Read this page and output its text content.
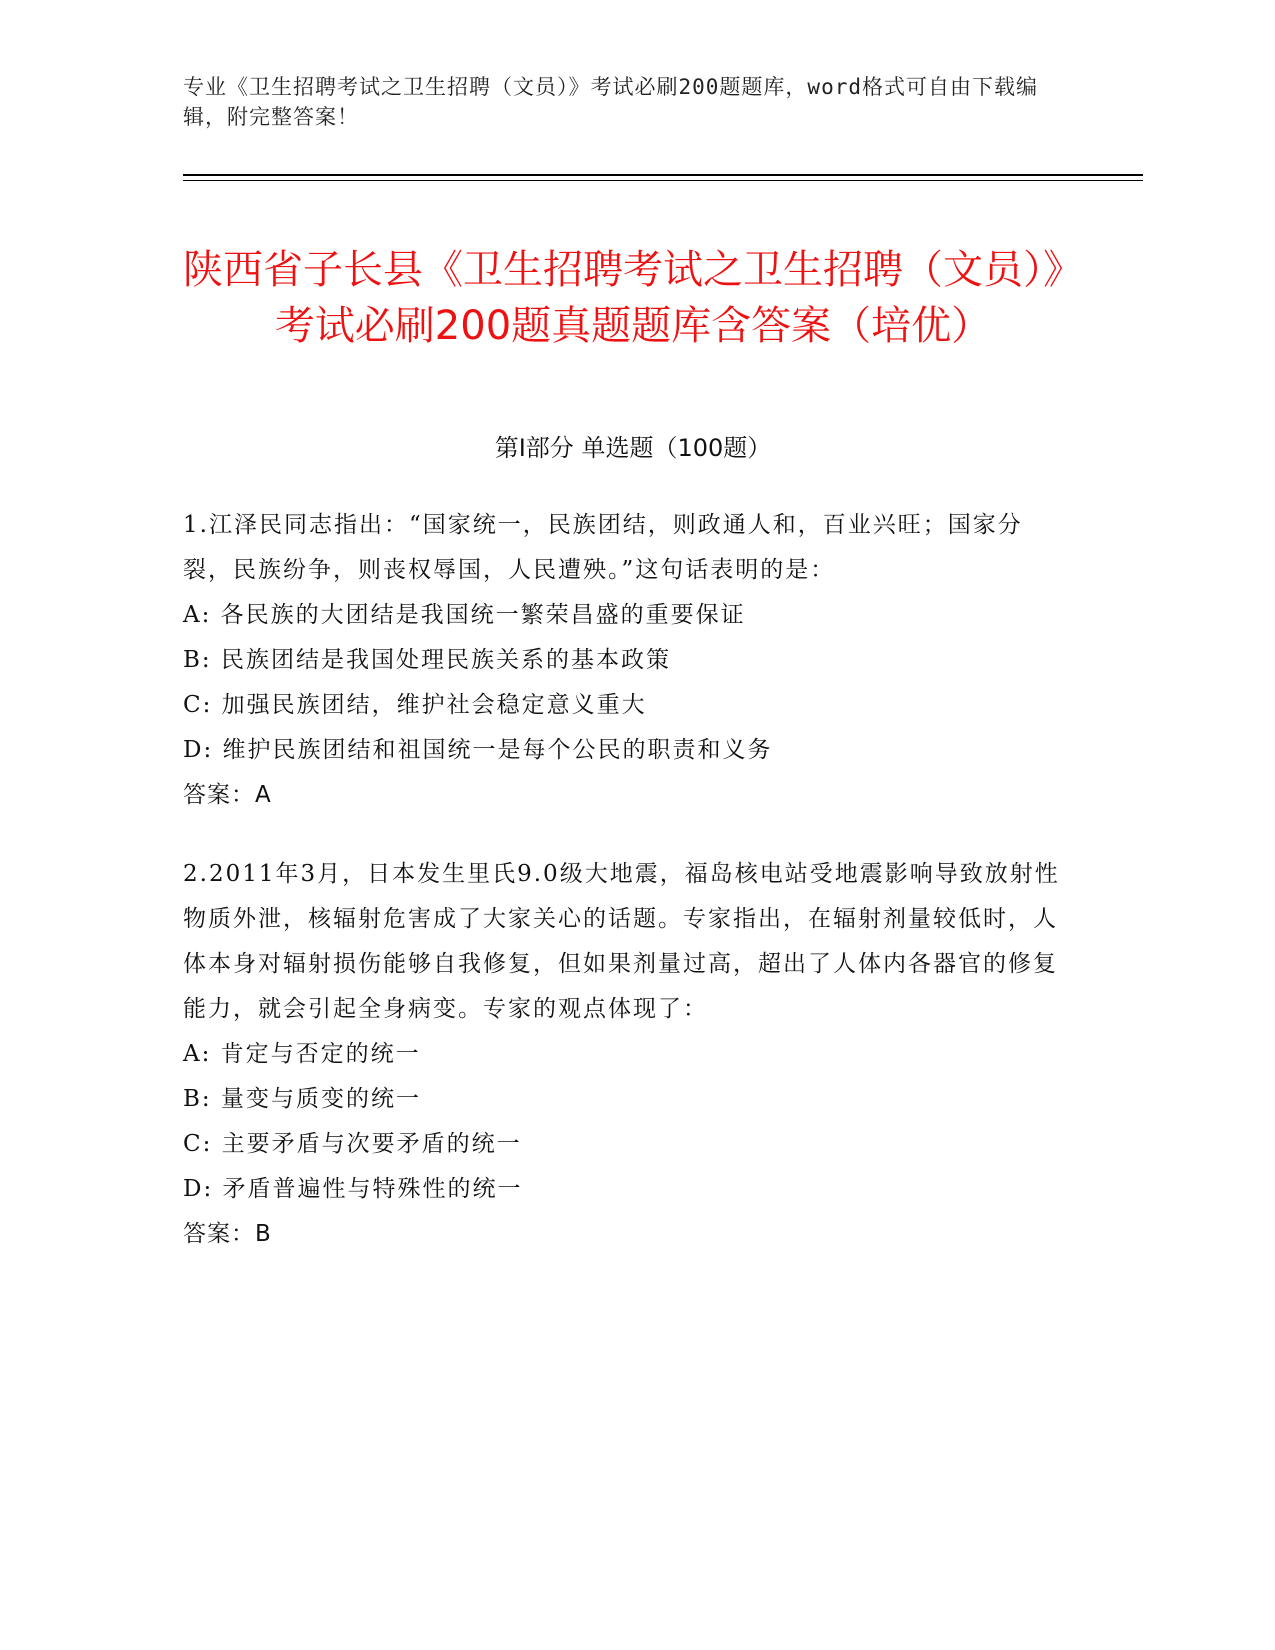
专业《卫生招聘考试之卫生招聘（文员）》考试必刷200题题库，word格式可自由下载编辑，附完整答案！
陕西省子长县《卫生招聘考试之卫生招聘（文员）》考试必刷200题真题题库含答案（培优）
第Ⅰ部分 单选题（100题）

1.江泽民同志指出：“国家统一，民族团结，则政通人和，百业兴旺；国家分裂，民族纷争，则丧权辱国，人民遭殃。”这句话表明的是：

A: 各民族的大团结是我国统一繁荣昌盛的重要保证

B: 民族团结是我国处理民族关系的基本政策

C: 加强民族团结，维护社会稳定意义重大

D: 维护民族团结和祖国统一是每个公民的职责和义务

答案：A

2.2011年3月，日本发生里氏9.0级大地震，福岛核电站受地震影响导致放射性物质外泄，核辐射危害成了大家关心的话题。专家指出，在辐射剂量较低时，人体本身对辐射损伤能够自我修复，但如果剂量过高，超出了人体内各器官的修复能力，就会引起全身病变。专家的观点体现了：

A: 肯定与否定的统一

B: 量变与质变的统一

C: 主要矛盾与次要矛盾的统一

D: 矛盾普遍性与特殊性的统一

答案：B
